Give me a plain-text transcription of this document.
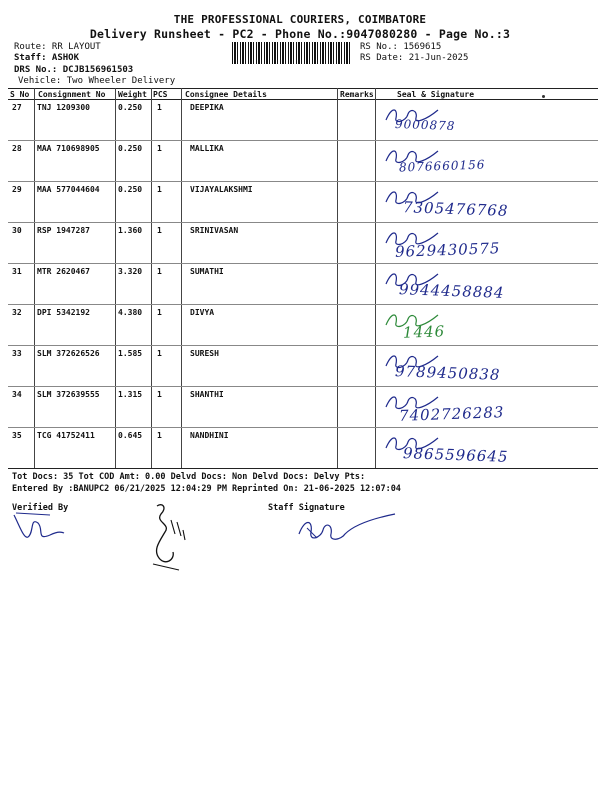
THE PROFESSIONAL COURIERS, COIMBATORE
Delivery Runsheet - PC2 - Phone No.:9047080280 - Page No.:3
Route: RR LAYOUT
Staff: ASHOK
DRS No.: DCJB156961503
Vehicle: Two Wheeler Delivery
RS No.: 1569615
RS Date: 21-Jun-2025
S No Consignment No Weight PCS Consignee Details	Remarks	Seal & Signature
27 TNJ 1209300	0.250 1	DEEPIKA
9000878
28 MAA 710698905 0.250 1	MALLIKA
8076660156
29 MAA 577044604 0.250 1	VIJAYALAKSHMI
7305476768
30 RSP 1947287	1.360 1	SRINIVASAN
9629430575
31 MTR 2620467	3.320 1	SUMATHI
9944458884
32 DPI 5342192	4.380 1	DIVYA
1446
33 SLM 372626526 1.585 1	SURESH
9789450838
34 SLM 372639555 1.315 1	SHANTHI
7402726283
35 TCG 41752411	0.645 1	NANDHINI
9865596645
Tot Docs: 35 Tot COD Amt: 0.00 Delvd Docs: Non Delvd Docs: Delvy Pts:
Entered By :BANUPC2 06/21/2025 12:04:29 PM Reprinted On: 21-06-2025 12:07:04
Verified By	Staff Signature
